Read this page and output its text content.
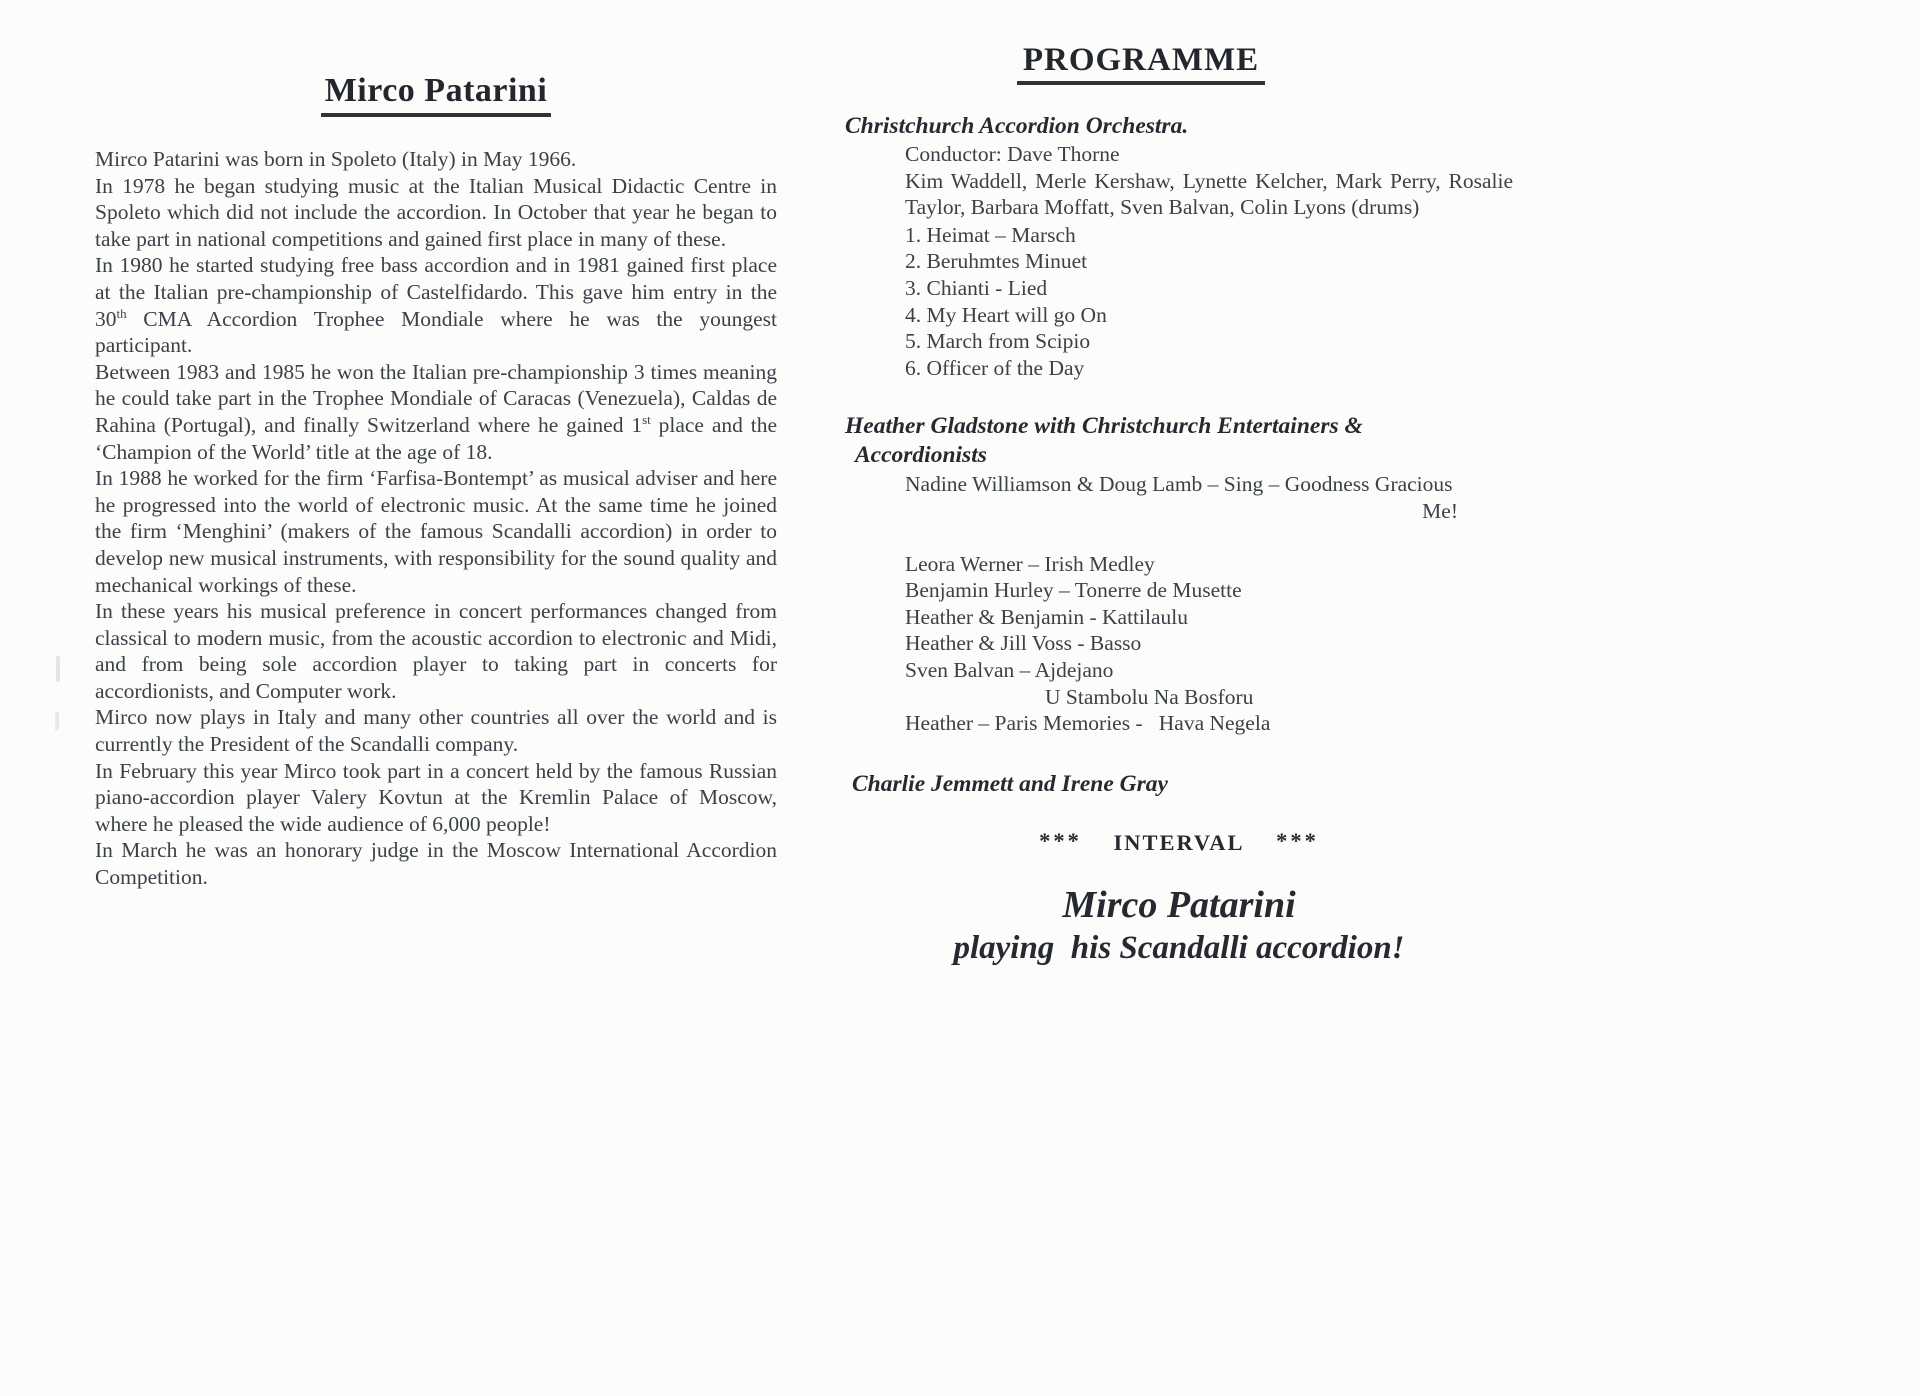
Mirco Patarini

Mirco Patarini was born in Spoleto (Italy) in May 1966.

In 1978 he began studying music at the Italian Musical Didactic Centre in Spoleto which did not include the accordion. In October that year he began to take part in national competitions and gained first place in many of these.

In 1980 he started studying free bass accordion and in 1981 gained first place at the Italian pre-championship of Castelfidardo. This gave him entry in the 30th CMA Accordion Trophee Mondiale where he was the youngest participant.

Between 1983 and 1985 he won the Italian pre-championship 3 times meaning he could take part in the Trophee Mondiale of Caracas (Venezuela), Caldas de Rahina (Portugal), and finally Switzerland where he gained 1st place and the ‘Champion of the World’ title at the age of 18.

In 1988 he worked for the firm ‘Farfisa-Bontempt’ as musical adviser and here he progressed into the world of electronic music. At the same time he joined the firm ‘Menghini’ (makers of the famous Scandalli accordion) in order to develop new musical instruments, with responsibility for the sound quality and mechanical workings of these.

In these years his musical preference in concert performances changed from classical to modern music, from the acoustic accordion to electronic and Midi, and from being sole accordion player to taking part in concerts for accordionists, and Computer work.

Mirco now plays in Italy and many other countries all over the world and is currently the President of the Scandalli company.

In February this year Mirco took part in a concert held by the famous Russian piano-accordion player Valery Kovtun at the Kremlin Palace of Moscow, where he pleased the wide audience of 6,000 people!

In March he was an honorary judge in the Moscow International Accordion Competition.

PROGRAMME
Christchurch Accordion Orchestra.
Conductor: Dave Thorne
Kim Waddell, Merle Kershaw, Lynette Kelcher, Mark Perry, Rosalie Taylor, Barbara Moffatt, Sven Balvan, Colin Lyons (drums)
1. Heimat – Marsch
2. Beruhmtes Minuet
3. Chianti - Lied
4. My Heart will go On
5. March from Scipio
6. Officer of the Day
Heather Gladstone with Christchurch Entertainers &
Accordionists
Nadine Williamson & Doug Lamb – Sing – Goodness Gracious
Me!
Leora Werner – Irish Medley
Benjamin Hurley – Tonerre de Musette
Heather & Benjamin - Kattilaulu
Heather & Jill Voss - Basso
Sven Balvan – Ajdejano
U Stambolu Na Bosforu
Heather – Paris Memories -   Hava Negela
Charlie Jemmett and Irene Gray
*** INTERVAL ***
Mirco Patarini
playing  his Scandalli accordion!
